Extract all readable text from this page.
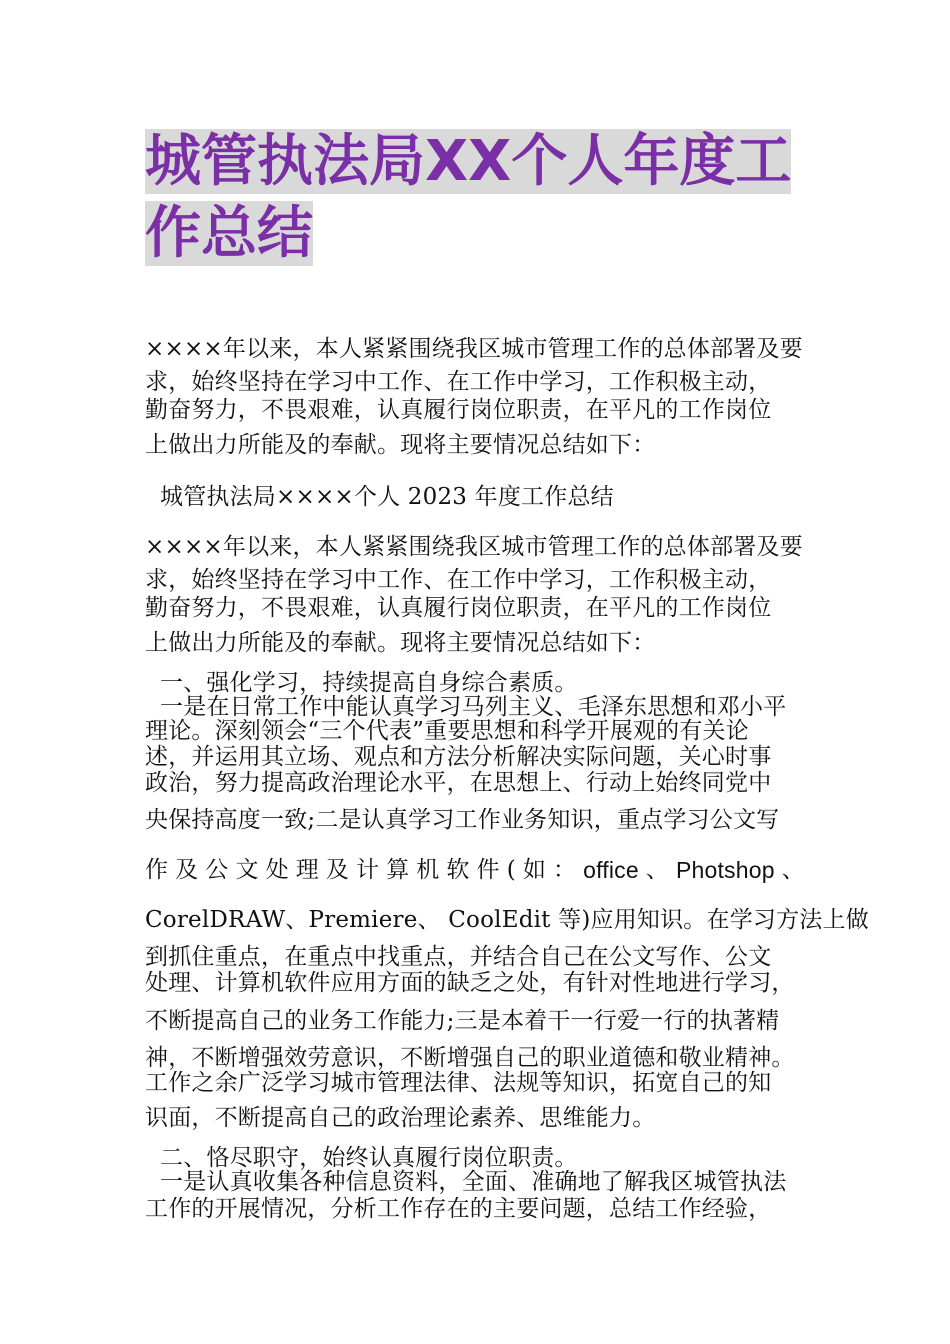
城管执法局XX个人年度工
作总结
××××年以来，本人紧紧围绕我区城市管理工作的总体部署及要
求，始终坚持在学习中工作、在工作中学习，工作积极主动，
勤奋努力，不畏艰难，认真履行岗位职责，在平凡的工作岗位
上做出力所能及的奉献。现将主要情况总结如下：
城管执法局××××个人 2023 年度工作总结
××××年以来，本人紧紧围绕我区城市管理工作的总体部署及要
求，始终坚持在学习中工作、在工作中学习，工作积极主动，
勤奋努力，不畏艰难，认真履行岗位职责，在平凡的工作岗位
上做出力所能及的奉献。现将主要情况总结如下：
一、强化学习，持续提高自身综合素质。
一是在日常工作中能认真学习马列主义、毛泽东思想和邓小平
理论。深刻领会“三个代表”重要思想和科学开展观的有关论
述，并运用其立场、观点和方法分析解决实际问题，关心时事
政治，努力提高政治理论水平，在思想上、行动上始终同党中
央保持高度一致;二是认真学习工作业务知识，重点学习公文写
作 及 公 文 处 理 及 计 算 机 软 件 ( 如 ： office 、 Photshop 、
CorelDRAW、Premiere、 CoolEdit 等)应用知识。在学习方法上做
到抓住重点，在重点中找重点，并结合自己在公文写作、公文
处理、计算机软件应用方面的缺乏之处，有针对性地进行学习，
不断提高自己的业务工作能力;三是本着干一行爱一行的执著精
神，不断增强效劳意识，不断增强自己的职业道德和敬业精神。
工作之余广泛学习城市管理法律、法规等知识，拓宽自己的知
识面，不断提高自己的政治理论素养、思维能力。
二、恪尽职守，始终认真履行岗位职责。
一是认真收集各种信息资料，全面、准确地了解我区城管执法
工作的开展情况，分析工作存在的主要问题，总结工作经验，
